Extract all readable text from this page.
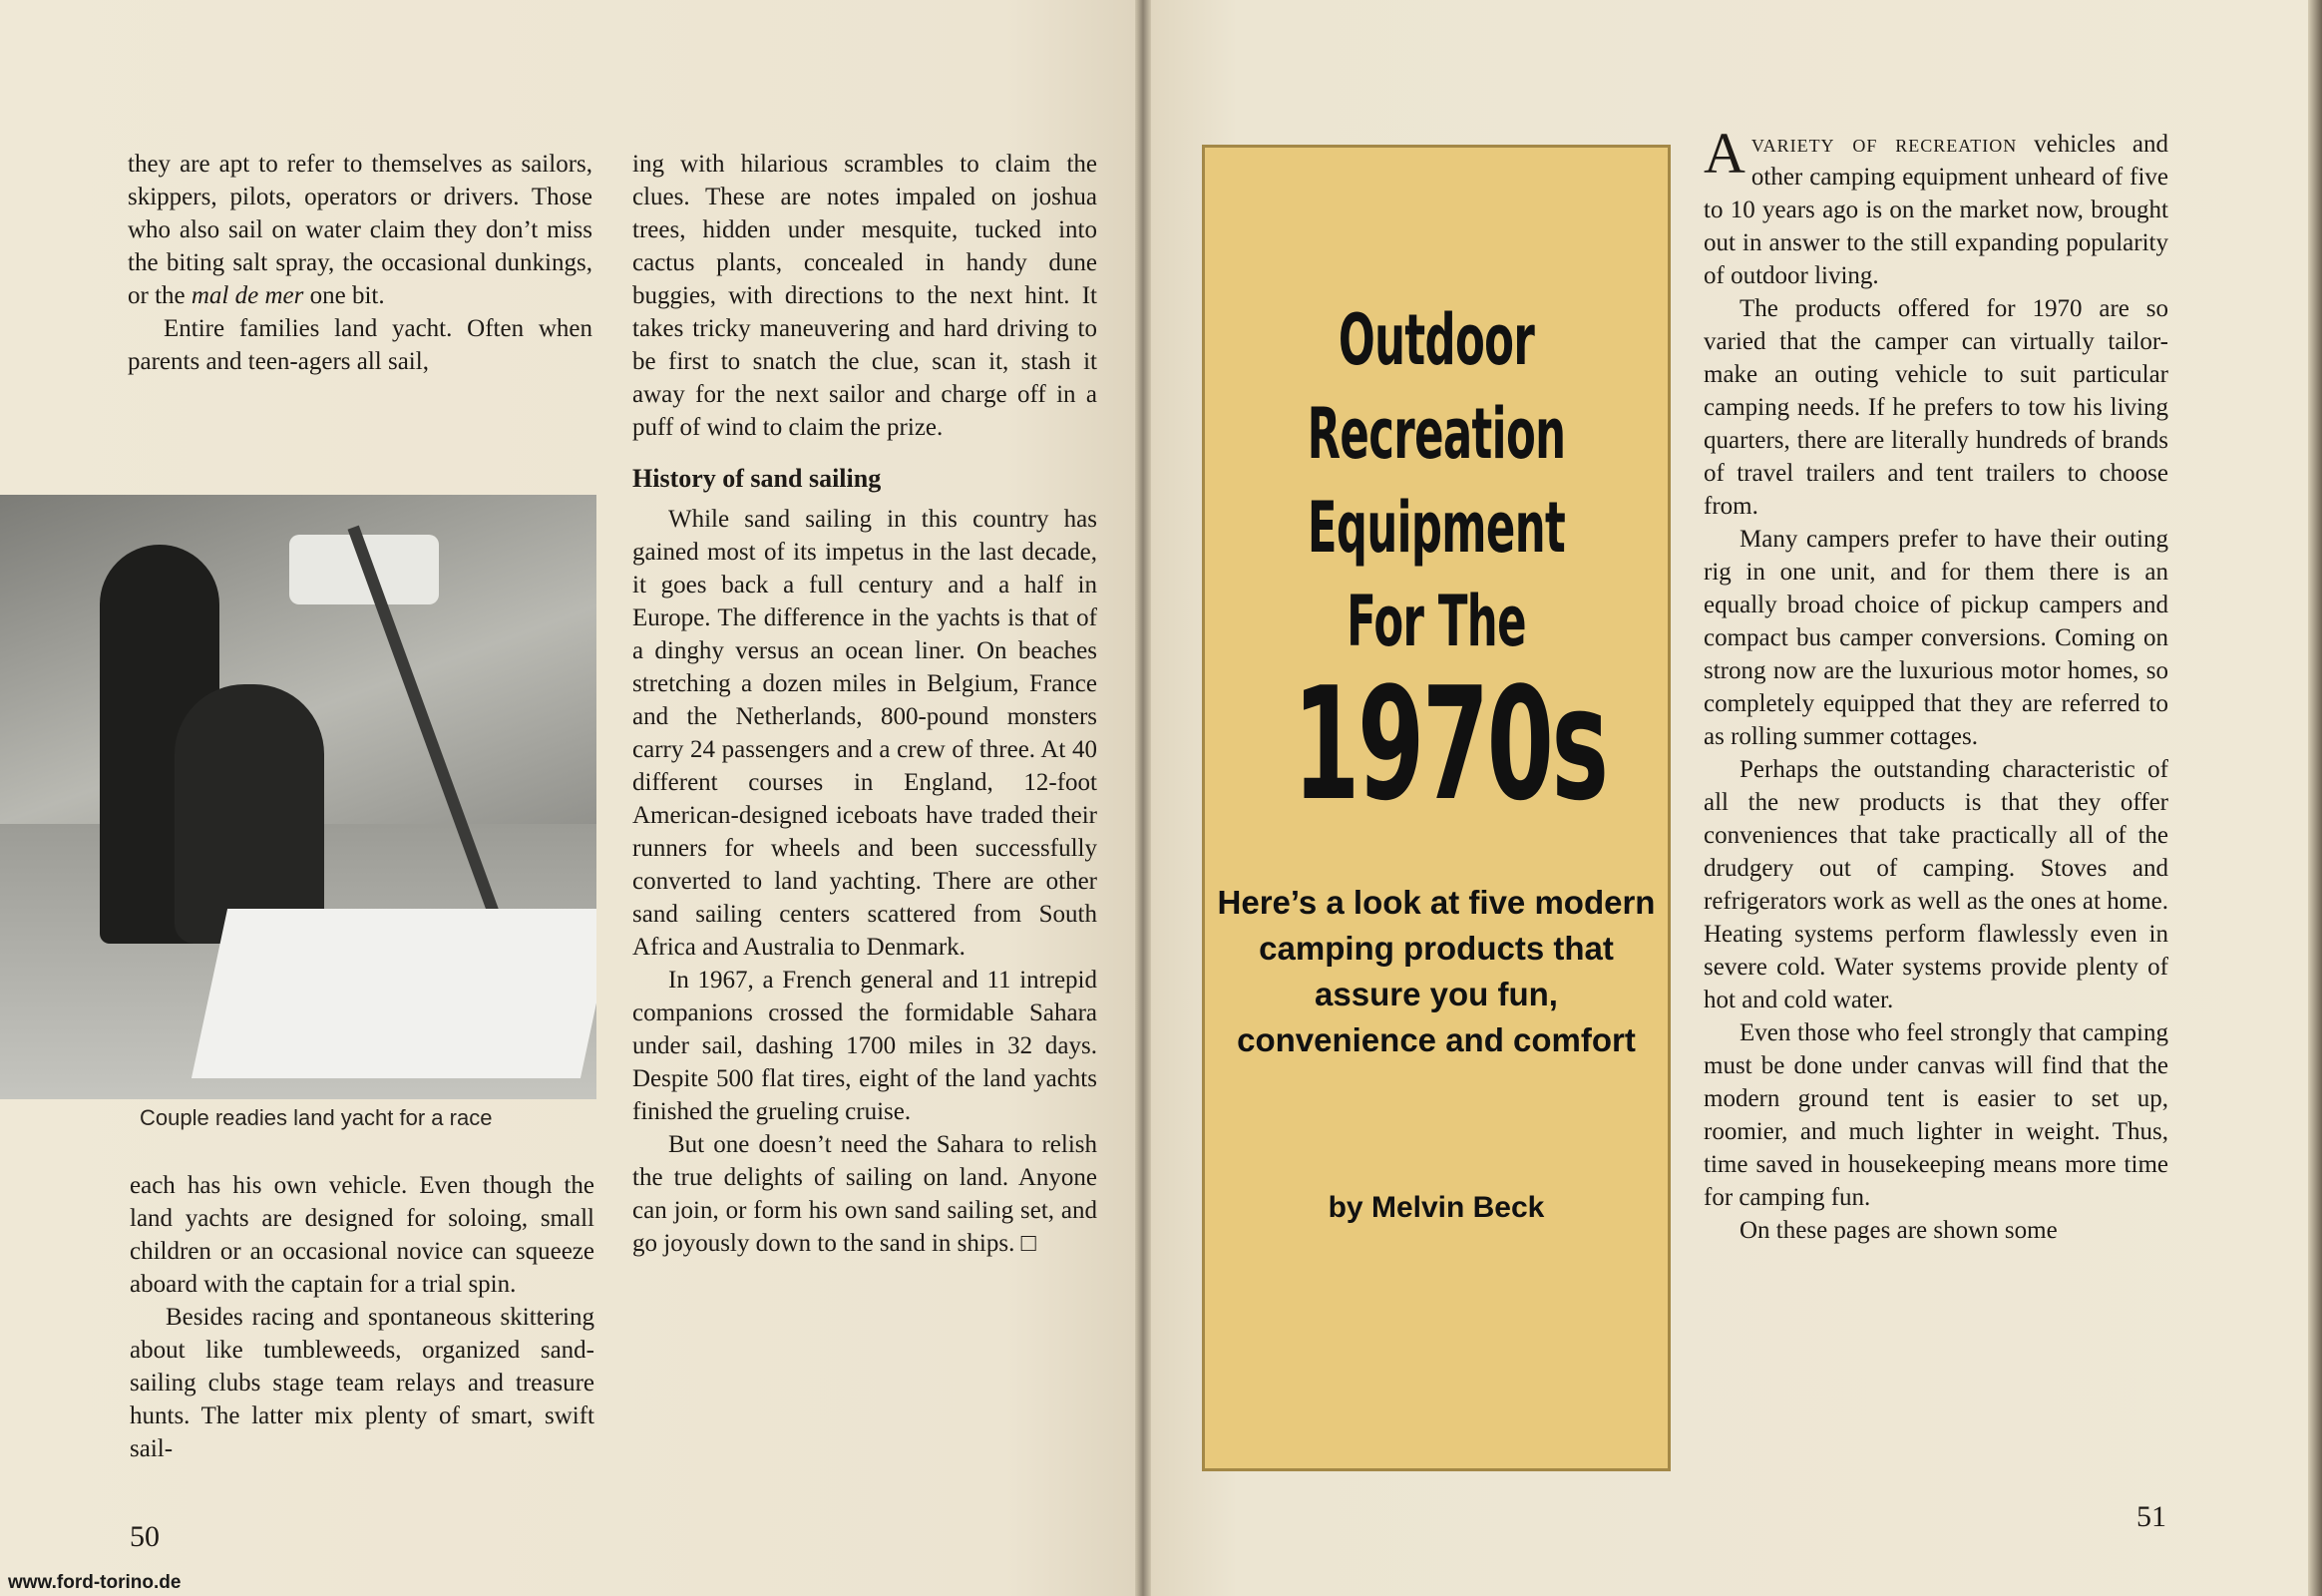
they are apt to refer to themselves as sailors, skippers, pilots, operators or drivers. Those who also sail on water claim they don’t miss the biting salt spray, the occasional dunkings, or the mal de mer one bit.

Entire families land yacht. Often when parents and teen-agers all sail,

Couple readies land yacht for a race

each has his own vehicle. Even though the land yachts are designed for soloing, small children or an occasional novice can squeeze aboard with the captain for a trial spin.

Besides racing and spontaneous skittering about like tumbleweeds, organized sand-sailing clubs stage team relays and treasure hunts. The latter mix plenty of smart, swift sail-

ing with hilarious scrambles to claim the clues. These are notes impaled on joshua trees, hidden under mesquite, tucked into cactus plants, concealed in handy dune buggies, with directions to the next hint. It takes tricky maneuvering and hard driving to be first to snatch the clue, scan it, stash it away for the next sailor and charge off in a puff of wind to claim the prize.

History of sand sailing

While sand sailing in this country has gained most of its impetus in the last decade, it goes back a full century and a half in Europe. The difference in the yachts is that of a dinghy versus an ocean liner. On beaches stretching a dozen miles in Belgium, France and the Netherlands, 800-pound monsters carry 24 passengers and a crew of three. At 40 different courses in England, 12-foot American-designed iceboats have traded their runners for wheels and been successfully converted to land yachting. There are other sand sailing centers scattered from South Africa and Australia to Denmark.

In 1967, a French general and 11 intrepid companions crossed the formidable Sahara under sail, dashing 1700 miles in 32 days. Despite 500 flat tires, eight of the land yachts finished the grueling cruise.

But one doesn’t need the Sahara to relish the true delights of sailing on land. Anyone can join, or form his own sand sailing set, and go joyously down to the sand in ships. □

50
www.ford-torino.de
Outdoor
Recreation
Equipment
For The
1970s
Here’s a look at five modern camping products that assure you fun, convenience and comfort
by Melvin Beck

Avariety of recreation vehicles and other camping equipment unheard of five to 10 years ago is on the market now, brought out in answer to the still expanding popularity of outdoor living.

The products offered for 1970 are so varied that the camper can virtually tailor-make an outing vehicle to suit particular camping needs. If he prefers to tow his living quarters, there are literally hundreds of brands of travel trailers and tent trailers to choose from.

Many campers prefer to have their outing rig in one unit, and for them there is an equally broad choice of pickup campers and compact bus camper conversions. Coming on strong now are the luxurious motor homes, so completely equipped that they are referred to as rolling summer cottages.

Perhaps the outstanding characteristic of all the new products is that they offer conveniences that take practically all of the drudgery out of camping. Stoves and refrigerators work as well as the ones at home. Heating systems perform flawlessly even in severe cold. Water systems provide plenty of hot and cold water.

Even those who feel strongly that camping must be done under canvas will find that the modern ground tent is easier to set up, roomier, and much lighter in weight. Thus, time saved in housekeeping means more time for camping fun.

On these pages are shown some

51
